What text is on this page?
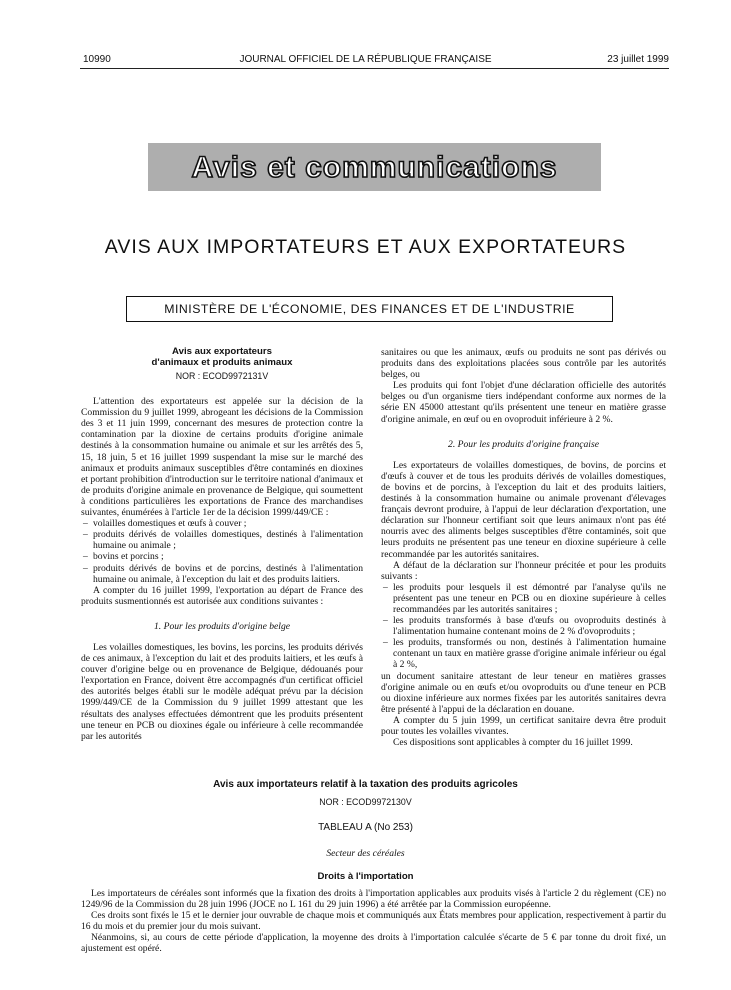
10990	JOURNAL OFFICIEL DE LA RÉPUBLIQUE FRANÇAISE	23 juillet 1999
Avis et communications
AVIS AUX IMPORTATEURS ET AUX EXPORTATEURS
MINISTÈRE DE L'ÉCONOMIE, DES FINANCES ET DE L'INDUSTRIE

Avis aux exportateurs

d'animaux et produits animaux

NOR : ECOD9972131V

L'attention des exportateurs est appelée sur la décision de la Commission du 9 juillet 1999, abrogeant les décisions de la Commission des 3 et 11 juin 1999, concernant des mesures de protection contre la contamination par la dioxine de certains produits d'origine animale destinés à la consommation humaine ou animale et sur les arrêtés des 5, 15, 18 juin, 5 et 16 juillet 1999 suspendant la mise sur le marché des animaux et produits animaux susceptibles d'être contaminés en dioxines et portant prohibition d'introduction sur le territoire national d'animaux et de produits d'origine animale en provenance de Belgique, qui soumettent à conditions particulières les exportations de France des marchandises suivantes, énumérées à l'article 1er de la décision 1999/449/CE :

– volailles domestiques et œufs à couver ;
– produits dérivés de volailles domestiques, destinés à l'alimentation humaine ou animale ;
– bovins et porcins ;
– produits dérivés de bovins et de porcins, destinés à l'alimentation humaine ou animale, à l'exception du lait et des produits laitiers.

A compter du 16 juillet 1999, l'exportation au départ de France des produits susmentionnés est autorisée aux conditions suivantes :

1. Pour les produits d'origine belge

Les volailles domestiques, les bovins, les porcins, les produits dérivés de ces animaux, à l'exception du lait et des produits laitiers, et les œufs à couver d'origine belge ou en provenance de Belgique, dédouanés pour l'exportation en France, doivent être accompagnés d'un certificat officiel des autorités belges établi sur le modèle adéquat prévu par la décision 1999/449/CE de la Commission du 9 juillet 1999 attestant que les résultats des analyses effectuées démontrent que les produits présentent une teneur en PCB ou dioxines égale ou inférieure à celle recommandée par les autorités

sanitaires ou que les animaux, œufs ou produits ne sont pas dérivés ou produits dans des exploitations placées sous contrôle par les autorités belges, ou

Les produits qui font l'objet d'une déclaration officielle des autorités belges ou d'un organisme tiers indépendant conforme aux normes de la série EN 45000 attestant qu'ils présentent une teneur en matière grasse d'origine animale, en œuf ou en ovoproduit inférieure à 2 %.

2. Pour les produits d'origine française

Les exportateurs de volailles domestiques, de bovins, de porcins et d'œufs à couver et de tous les produits dérivés de volailles domestiques, de bovins et de porcins, à l'exception du lait et des produits laitiers, destinés à la consommation humaine ou animale provenant d'élevages français devront produire, à l'appui de leur déclaration d'exportation, une déclaration sur l'honneur certifiant soit que leurs animaux n'ont pas été nourris avec des aliments belges susceptibles d'être contaminés, soit que leurs produits ne présentent pas une teneur en dioxine supérieure à celle recommandée par les autorités sanitaires.

A défaut de la déclaration sur l'honneur précitée et pour les produits suivants :

– les produits pour lesquels il est démontré par l'analyse qu'ils ne présentent pas une teneur en PCB ou en dioxine supérieure à celles recommandées par les autorités sanitaires ;
– les produits transformés à base d'œufs ou ovoproduits destinés à l'alimentation humaine contenant moins de 2 % d'ovoproduits ;
– les produits, transformés ou non, destinés à l'alimentation humaine contenant un taux en matière grasse d'origine animale inférieur ou égal à 2 %,

un document sanitaire attestant de leur teneur en matières grasses d'origine animale ou en œufs et/ou ovoproduits ou d'une teneur en PCB ou dioxine inférieure aux normes fixées par les autorités sanitaires devra être présenté à l'appui de la déclaration en douane.

A compter du 5 juin 1999, un certificat sanitaire devra être produit pour toutes les volailles vivantes.

Ces dispositions sont applicables à compter du 16 juillet 1999.

Avis aux importateurs relatif à la taxation des produits agricoles
NOR : ECOD9972130V
TABLEAU A (No 253)
Secteur des céréales
Droits à l'importation

Les importateurs de céréales sont informés que la fixation des droits à l'importation applicables aux produits visés à l'article 2 du règlement (CE) no 1249/96 de la Commission du 28 juin 1996 (JOCE no L 161 du 29 juin 1996) a été arrêtée par la Commission européenne.

Ces droits sont fixés le 15 et le dernier jour ouvrable de chaque mois et communiqués aux États membres pour application, respectivement à partir du 16 du mois et du premier jour du mois suivant.

Néanmoins, si, au cours de cette période d'application, la moyenne des droits à l'importation calculée s'écarte de 5 € par tonne du droit fixé, un ajustement est opéré.
